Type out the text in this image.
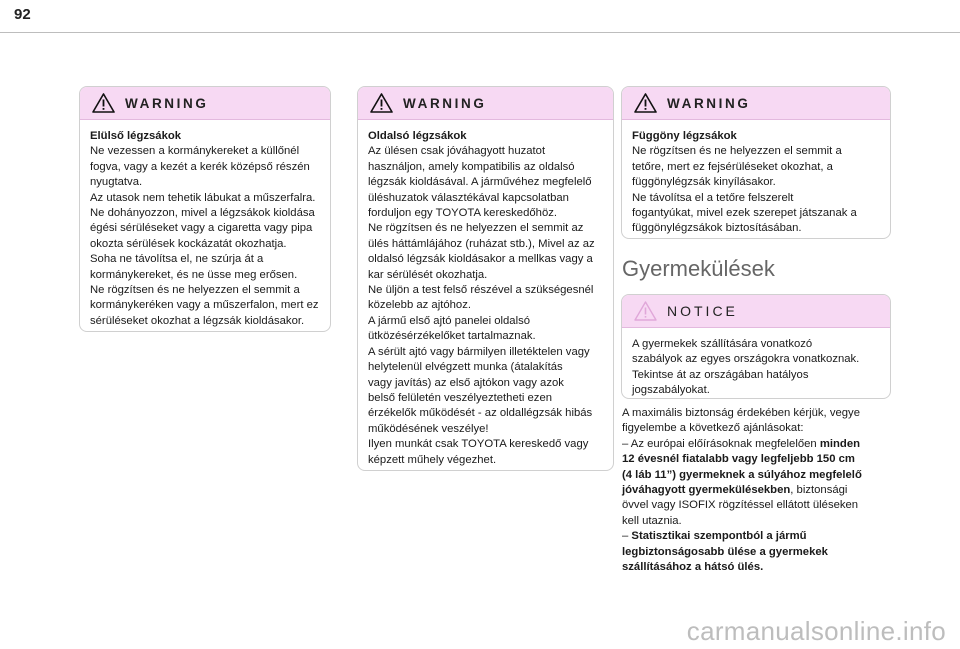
92
WARNING

Elülső légzsákok

Ne vezessen a kormánykereket a küllőnél

fogva, vagy a kezét a kerék középső részén

nyugtatva.

Az utasok nem tehetik lábukat a műszerfalra.

Ne dohányozzon, mivel a légzsákok kioldása

égési sérüléseket vagy a cigaretta vagy pipa

okozta sérülések kockázatát okozhatja.

Soha ne távolítsa el, ne szúrja át a

kormánykereket, és ne üsse meg erősen.

Ne rögzítsen és ne helyezzen el semmit a

kormánykeréken vagy a műszerfalon, mert ez

sérüléseket okozhat a légzsák kioldásakor.

WARNING

Oldalsó légzsákok

Az ülésen csak jóváhagyott huzatot

használjon, amely kompatibilis az oldalsó

légzsák kioldásával. A járművéhez megfelelő

üléshuzatok választékával kapcsolatban

forduljon egy TOYOTA kereskedőhöz.

Ne rögzítsen és ne helyezzen el semmit az

ülés háttámlájához (ruházat stb.), Mivel az az

oldalsó légzsák kioldásakor a mellkas vagy a

kar sérülését okozhatja.

Ne üljön a test felső részével a szükségesnél

közelebb az ajtóhoz.

A jármű első ajtó panelei oldalsó

ütközésérzékelőket tartalmaznak.

A sérült ajtó vagy bármilyen illetéktelen vagy

helytelenül elvégzett munka (átalakítás

vagy javítás) az első ajtókon vagy azok

belső felületén veszélyeztetheti ezen

érzékelők működését - az oldallégzsák hibás

működésének veszélye!

Ilyen munkát csak TOYOTA kereskedő vagy

képzett műhely végezhet.

WARNING

Függöny légzsákok

Ne rögzítsen és ne helyezzen el semmit a

tetőre, mert ez fejsérüléseket okozhat, a

függönylégzsák kinyílásakor.

Ne távolítsa el a tetőre felszerelt

fogantyúkat, mivel ezek szerepet játszanak a

függönylégzsákok biztosításában.

Gyermekülések
NOTICE

A gyermekek szállítására vonatkozó

szabályok az egyes országokra vonatkoznak.

Tekintse át az országában hatályos

jogszabályokat.

A maximális biztonság érdekében kérjük, vegye

figyelembe a következő ajánlásokat:

– Az európai előírásoknak megfelelően minden

12 évesnél fiatalabb vagy legfeljebb 150 cm

(4 láb 11”) gyermeknek a súlyához megfelelő

jóváhagyott gyermekülésekben, biztonsági

övvel vagy ISOFIX rögzítéssel ellátott üléseken

kell utaznia.

– Statisztikai szempontból a jármű

legbiztonságosabb ülése a gyermekek

szállításához a hátsó ülés.

carmanualsonline.info
